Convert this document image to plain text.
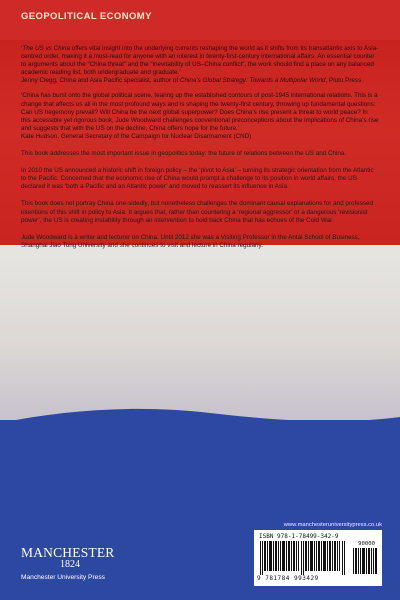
GEOPOLITICAL ECONOMY

‘The US vs China offers vital insight into the underlying currents reshaping the world as it shifts from its transatlantic axis to Asia-centred order, making it a must-read for anyone with an interest in twenty-first-century international affairs. An essential counter to arguments about the “China threat” and the “inevitability of US–China conflict”, the work should find a place on any balanced academic reading list, both undergraduate and graduate.’

Jenny Clegg, China and Asia Pacific specialist, author of China’s Global Strategy: Towards a Multipolar World, Pluto Press

‘China has burst onto the global political scene, tearing up the established contours of post-1945 international relations. This is a change that affects us all in the most profound ways and is shaping the twenty-first century, throwing up fundamental questions: Can US hegemony prevail? Will China be the next global superpower? Does China’s rise present a threat to world peace? In this accessible yet rigorous book, Jude Woodward challenges conventional preconceptions about the implications of China’s rise and suggests that with the US on the decline, China offers hope for the future.’

Kate Hudson, General Secretary of the Campaign for Nuclear Disarmament (CND)

This book addresses the most important issue in geopolitics today: the future of relations between the US and China.

In 2010 the US announced a historic shift in foreign policy – the ‘pivot to Asia’ – turning its strategic orientation from the Atlantic to the Pacific. Concerned that the economic rise of China would prompt a challenge to its position in world affairs, the US declared it was ‘both a Pacific and an Atlantic power’ and moved to reassert its influence in Asia.

This book does not portray China one-sidedly, but nonetheless challenges the dominant causal explanations for and professed intentions of this shift in policy to Asia. It argues that, rather than countering a ‘regional aggressor’ or a dangerous ‘revisionist power’, the US is creating instability through an intervention to hold back China that has echoes of the Cold War.

Jude Woodward is a writer and lecturer on China. Until 2012 she was a Visiting Professor in the Antai School of Business, Shanghai Jiao Tong University and she continues to visit and lecture in China regularly.

www.manchesteruniversitypress.co.uk
ISBN 978-1-78499-342-9
9 781784 993429
90000
MANCHESTER
1824
Manchester University Press
